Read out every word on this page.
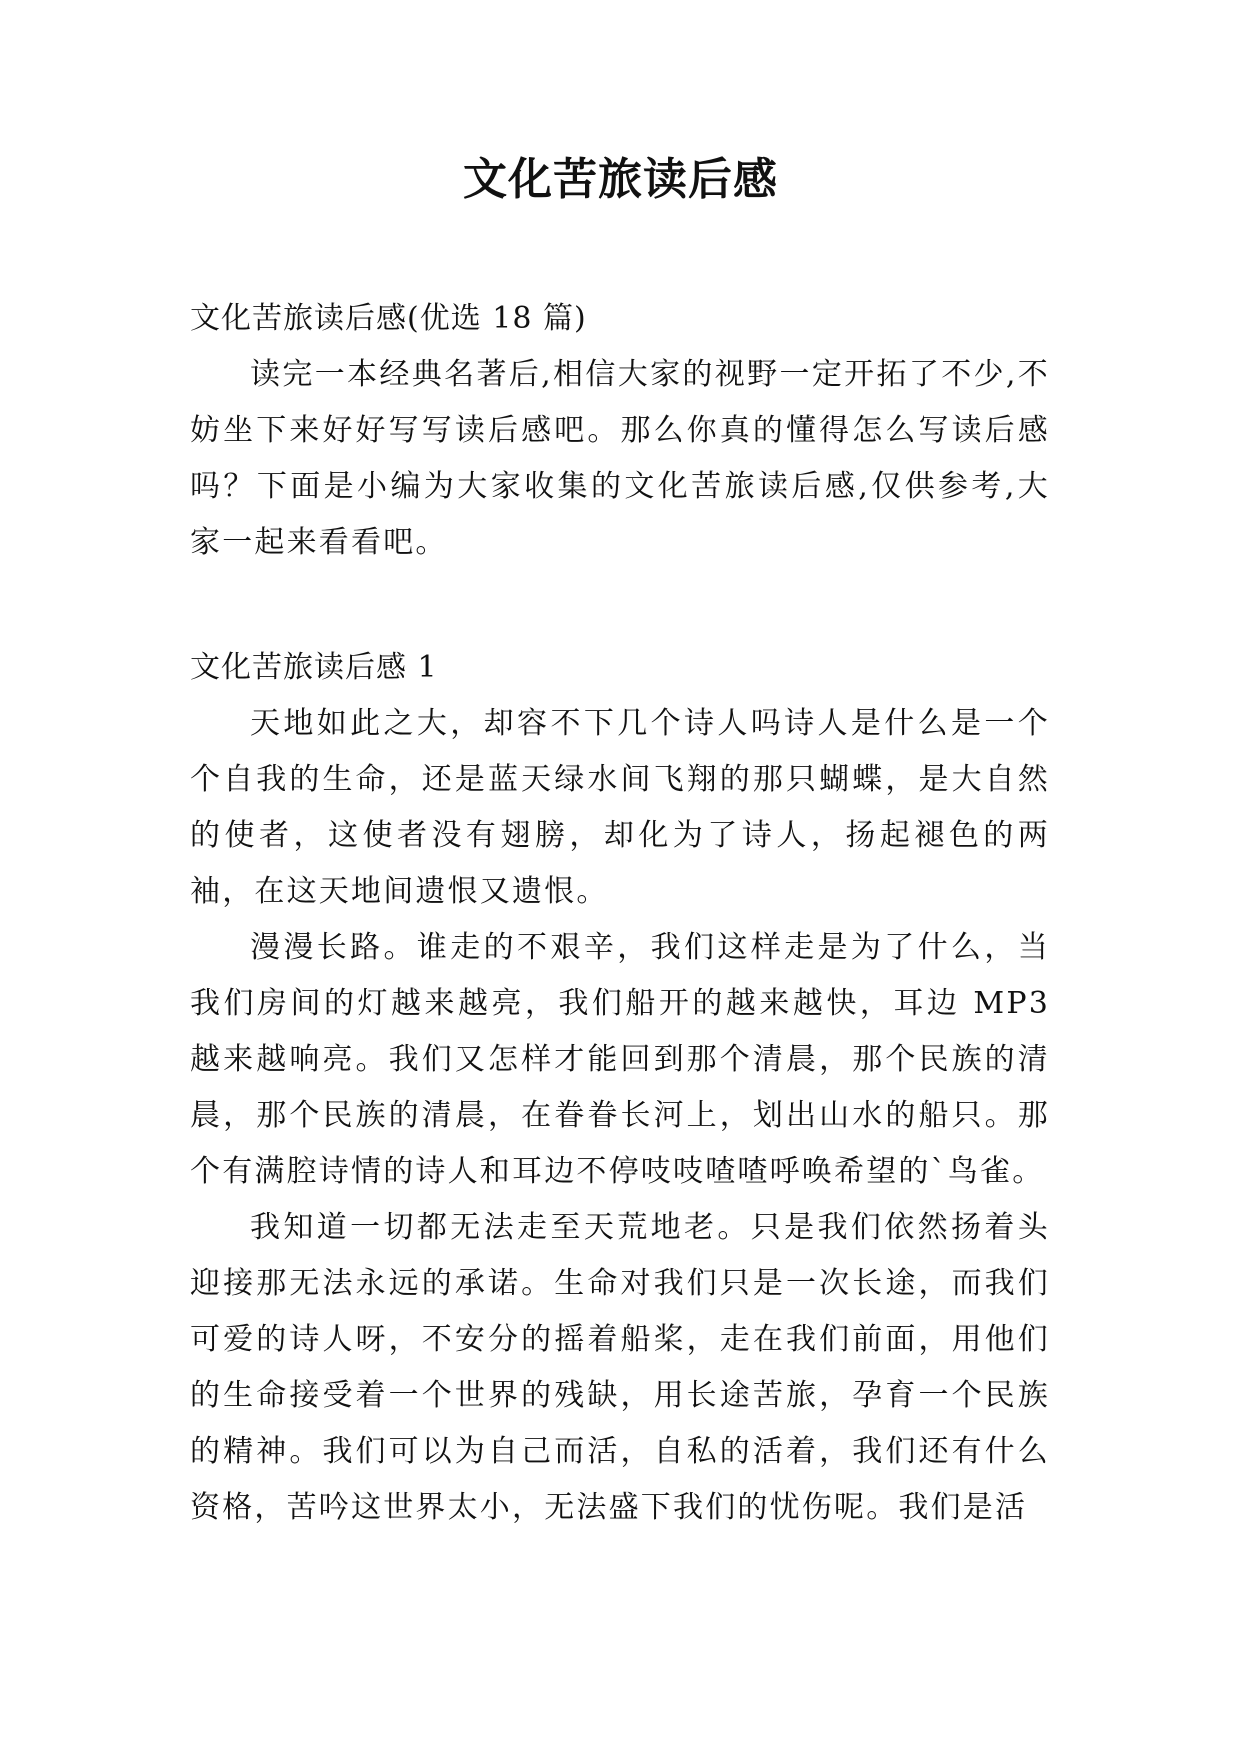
文化苦旅读后感

文化苦旅读后感(优选 18 篇)

读完一本经典名著后,相信大家的视野一定开拓了不少,不妨坐下来好好写写读后感吧。那么你真的懂得怎么写读后感吗？下面是小编为大家收集的文化苦旅读后感,仅供参考,大家一起来看看吧。

文化苦旅读后感 1

天地如此之大，却容不下几个诗人吗诗人是什么是一个个自我的生命，还是蓝天绿水间飞翔的那只蝴蝶，是大自然的使者，这使者没有翅膀，却化为了诗人，扬起褪色的两袖，在这天地间遗恨又遗恨。

漫漫长路。谁走的不艰辛，我们这样走是为了什么，当我们房间的灯越来越亮，我们船开的越来越快，耳边 MP3 越来越响亮。我们又怎样才能回到那个清晨，那个民族的清晨，那个民族的清晨，在眷眷长河上，划出山水的船只。那个有满腔诗情的诗人和耳边不停吱吱喳喳呼唤希望的`鸟雀。

我知道一切都无法走至天荒地老。只是我们依然扬着头迎接那无法永远的承诺。生命对我们只是一次长途，而我们可爱的诗人呀，不安分的摇着船桨，走在我们前面，用他们的生命接受着一个世界的残缺，用长途苦旅，孕育一个民族的精神。我们可以为自己而活，自私的活着，我们还有什么资格，苦吟这世界太小，无法盛下我们的忧伤呢。我们是活
